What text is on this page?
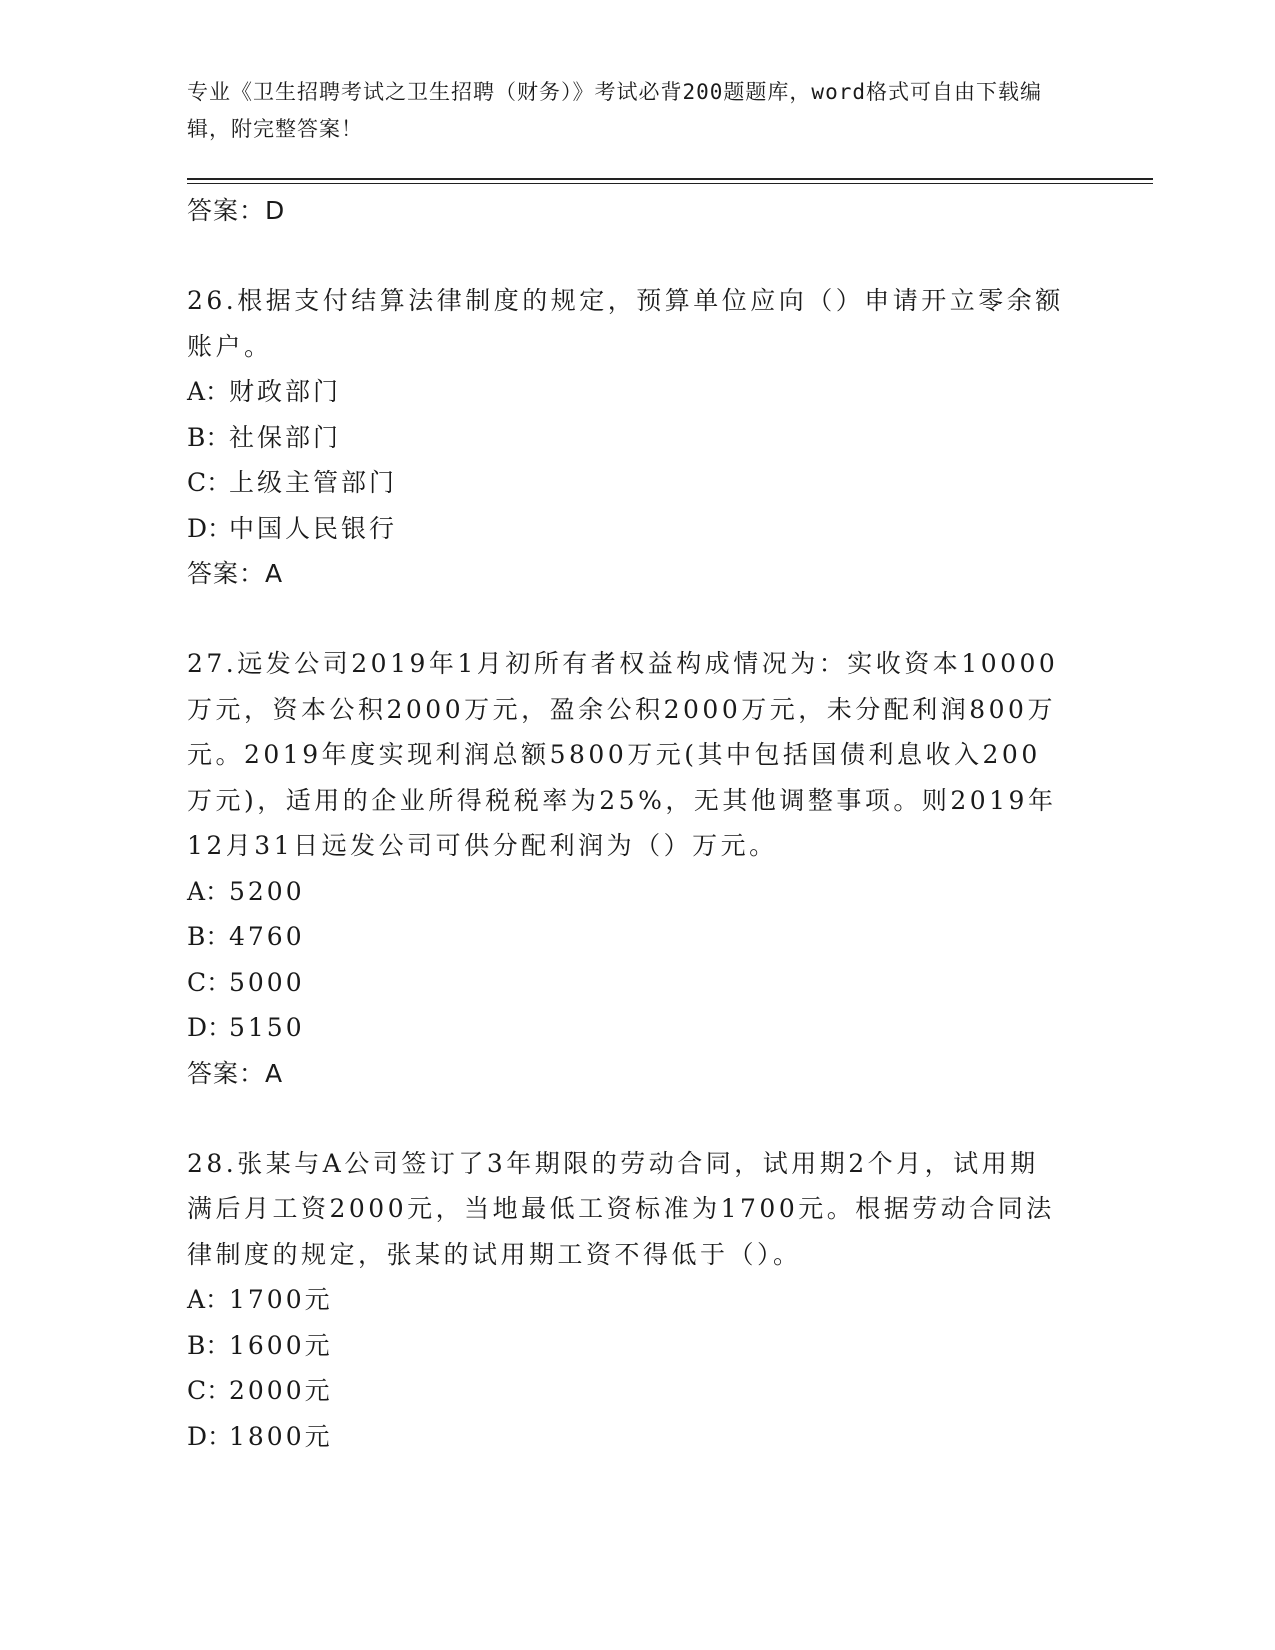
专业《卫生招聘考试之卫生招聘（财务）》考试必背200题题库，word格式可自由下载编辑，附完整答案！

答案：D

26.根据支付结算法律制度的规定，预算单位应向（）申请开立零余额账户。

A：财政部门

B：社保部门

C：上级主管部门

D：中国人民银行

答案：A

27.远发公司2019年1月初所有者权益构成情况为：实收资本10000万元，资本公积2000万元，盈余公积2000万元，未分配利润800万元。2019年度实现利润总额5800万元(其中包括国债利息收入200万元)，适用的企业所得税税率为25%，无其他调整事项。则2019年12月31日远发公司可供分配利润为（）万元。

A：5200

B：4760

C：5000

D：5150

答案：A

28.张某与A公司签订了3年期限的劳动合同，试用期2个月，试用期满后月工资2000元，当地最低工资标准为1700元。根据劳动合同法律制度的规定，张某的试用期工资不得低于（）。

A：1700元

B：1600元

C：2000元

D：1800元
